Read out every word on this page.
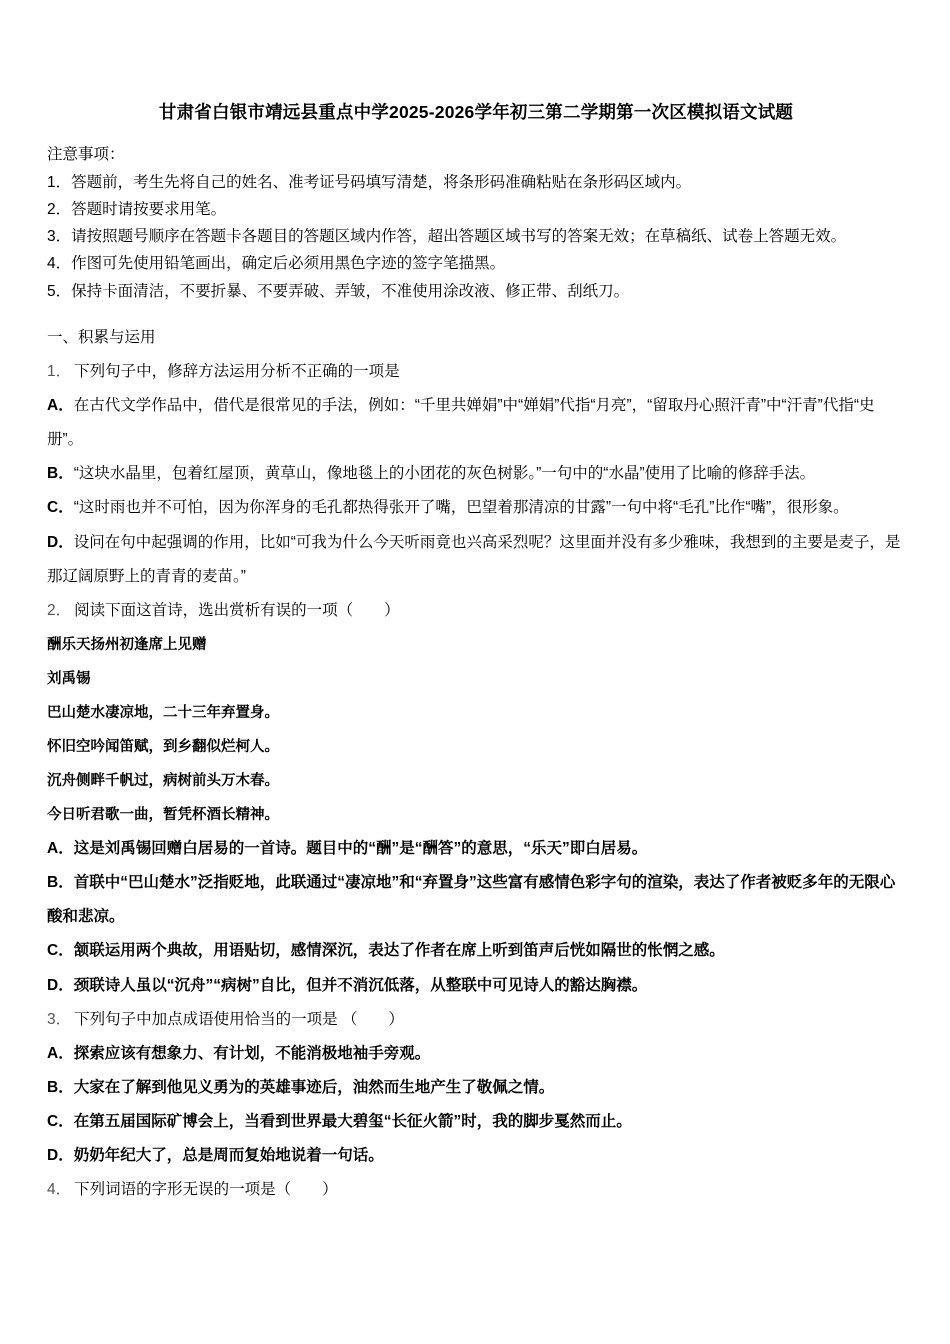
甘肃省白银市靖远县重点中学2025-2026学年初三第二学期第一次区模拟语文试题

注意事项：

1．答题前，考生先将自己的姓名、准考证号码填写清楚，将条形码准确粘贴在条形码区域内。

2．答题时请按要求用笔。

3．请按照题号顺序在答题卡各题目的答题区域内作答，超出答题区域书写的答案无效；在草稿纸、试卷上答题无效。

4．作图可先使用铅笔画出，确定后必须用黑色字迹的签字笔描黑。

5．保持卡面清洁，不要折暴、不要弄破、弄皱，不准使用涂改液、修正带、刮纸刀。

一、积累与运用

1． 下列句子中，修辞方法运用分析不正确的一项是

A．在古代文学作品中，借代是很常见的手法，例如：“千里共婵娟”中“婵娟”代指“月亮”，“留取丹心照汗青”中“汗青”代指“史册”。

B．“这块水晶里，包着红屋顶，黄草山，像地毯上的小团花的灰色树影。”一句中的“水晶”使用了比喻的修辞手法。

C．“这时雨也并不可怕，因为你浑身的毛孔都热得张开了嘴，巴望着那清凉的甘露”一句中将“毛孔”比作“嘴”，很形象。

D．设问在句中起强调的作用，比如“可我为什么今天听雨竟也兴高采烈呢？这里面并没有多少雅味，我想到的主要是麦子，是那辽阔原野上的青青的麦苗。”

2． 阅读下面这首诗，选出赏析有误的一项（　　）

酬乐天扬州初逢席上见赠

刘禹锡

巴山楚水凄凉地，二十三年弃置身。

怀旧空吟闻笛赋，到乡翻似烂柯人。

沉舟侧畔千帆过，病树前头万木春。

今日听君歌一曲，暂凭杯酒长精神。

A．这是刘禹锡回赠白居易的一首诗。题目中的“酬”是“酬答”的意思，“乐天”即白居易。

B．首联中“巴山楚水”泛指贬地，此联通过“凄凉地”和“弃置身”这些富有感情色彩字句的渲染，表达了作者被贬多年的无限心酸和悲凉。

C．颔联运用两个典故，用语贴切，感情深沉，表达了作者在席上听到笛声后恍如隔世的怅惘之感。

D．颈联诗人虽以“沉舟”“病树”自比，但并不消沉低落，从整联中可见诗人的豁达胸襟。

3． 下列句子中加点成语使用恰当的一项是 （　　）

A．探索应该有想象力、有计划，不能消极地袖手旁观。

B．大家在了解到他见义勇为的英雄事迹后，油然而生地产生了敬佩之情。

C．在第五届国际矿博会上，当看到世界最大碧玺“长征火箭”时，我的脚步戛然而止。

D．奶奶年纪大了，总是周而复始地说着一句话。

4． 下列词语的字形无误的一项是（　　）
